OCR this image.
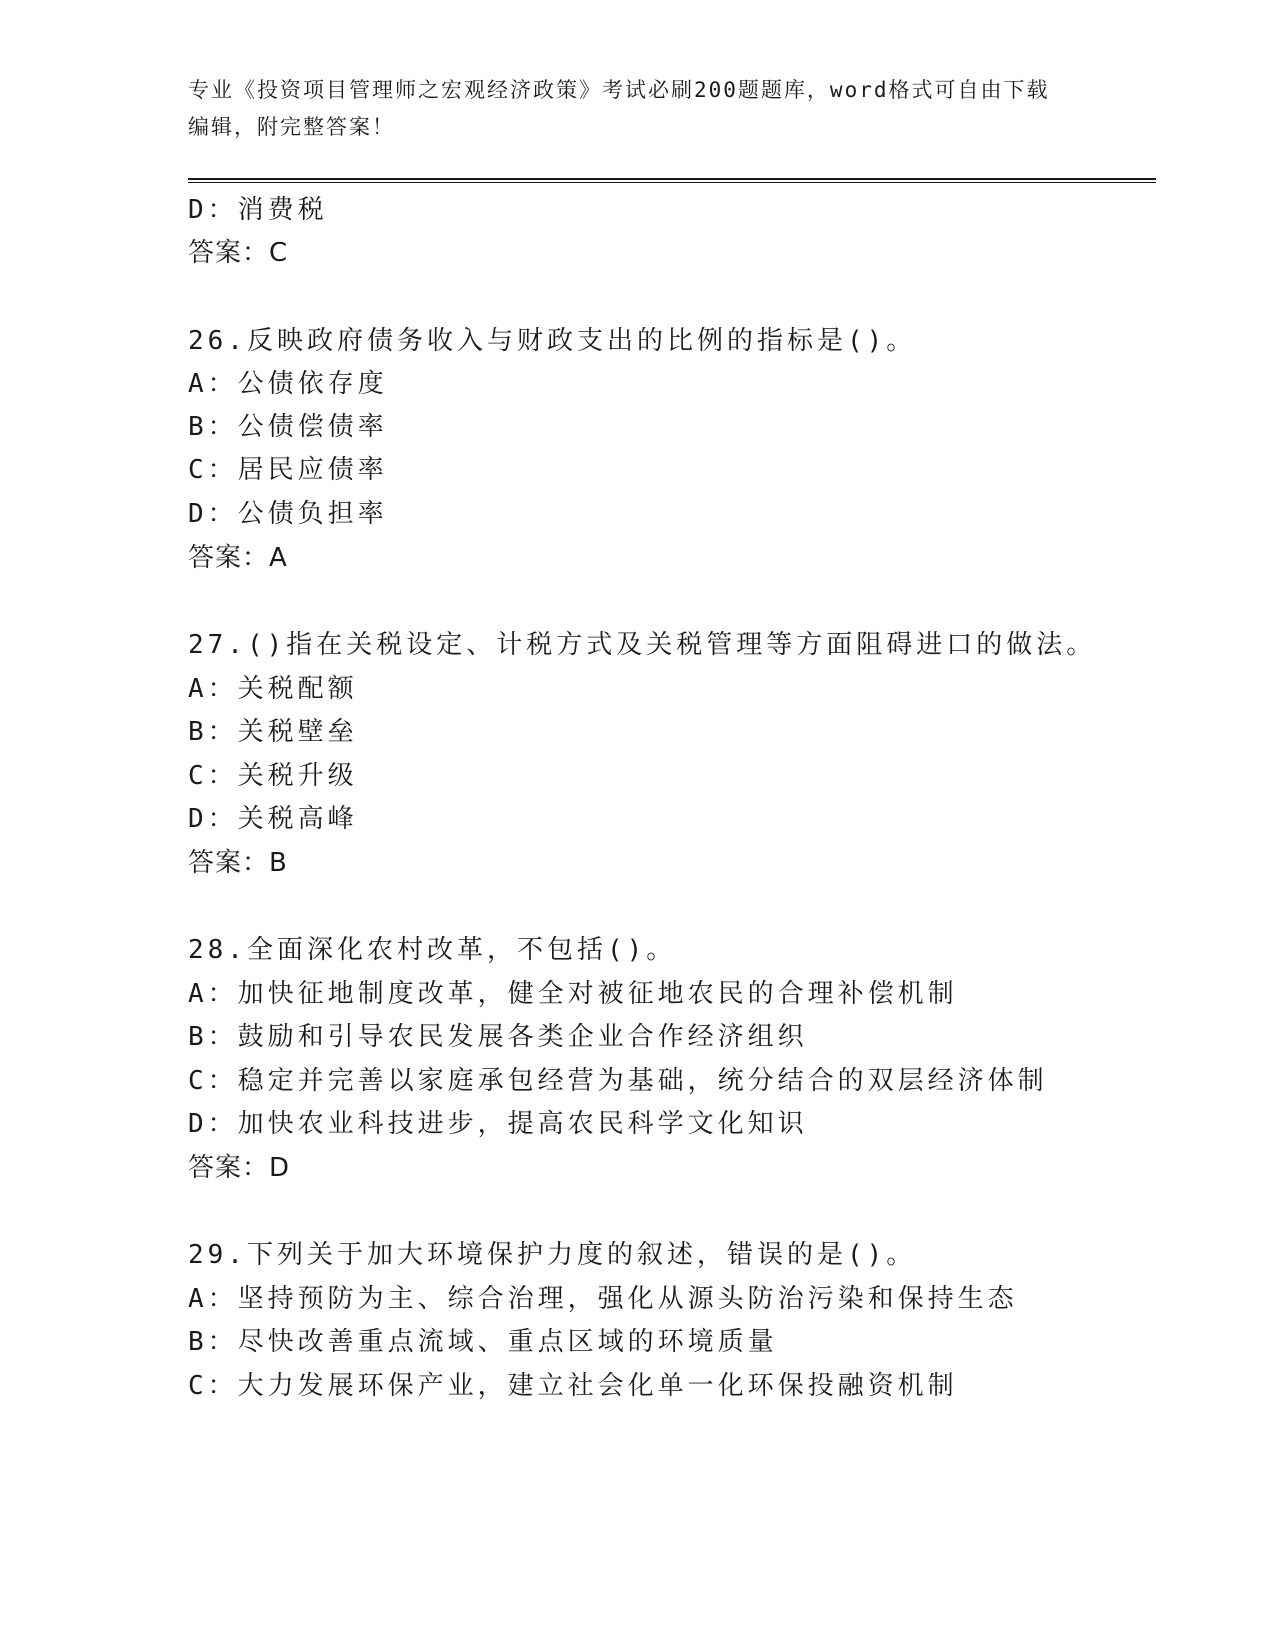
专业《投资项目管理师之宏观经济政策》考试必刷200题题库，word格式可自由下载编辑，附完整答案！
D：消费税
答案：C
26.反映政府债务收入与财政支出的比例的指标是()。
A：公债依存度
B：公债偿债率
C：居民应债率
D：公债负担率
答案：A
27.()指在关税设定、计税方式及关税管理等方面阻碍进口的做法。
A：关税配额
B：关税壁垒
C：关税升级
D：关税高峰
答案：B
28.全面深化农村改革，不包括()。
A：加快征地制度改革，健全对被征地农民的合理补偿机制
B：鼓励和引导农民发展各类企业合作经济组织
C：稳定并完善以家庭承包经营为基础，统分结合的双层经济体制
D：加快农业科技进步，提高农民科学文化知识
答案：D
29.下列关于加大环境保护力度的叙述，错误的是()。
A：坚持预防为主、综合治理，强化从源头防治污染和保持生态
B：尽快改善重点流域、重点区域的环境质量
C：大力发展环保产业，建立社会化单一化环保投融资机制
